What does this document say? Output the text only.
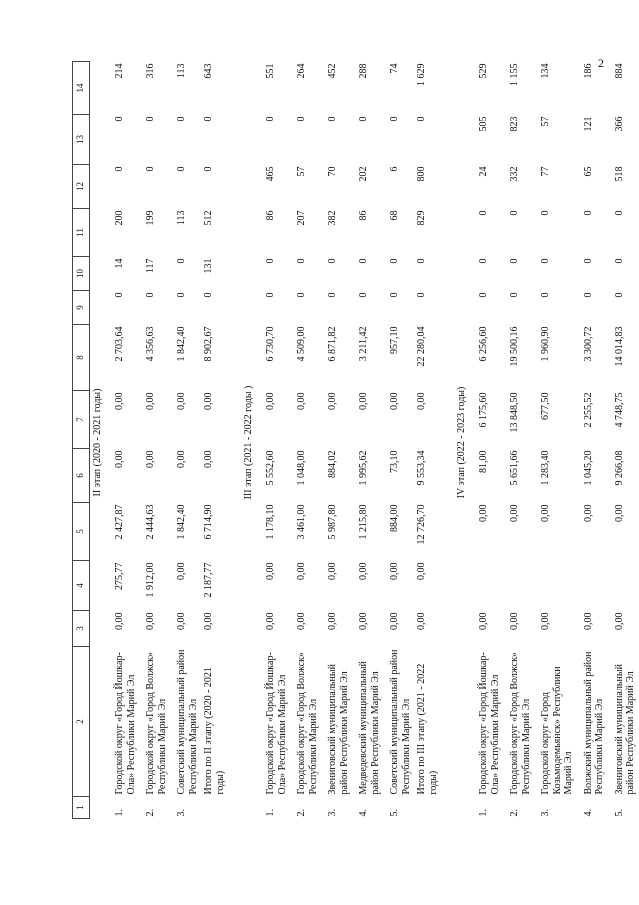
2
1	2	3	4	5	6	7	8	9	10	11	12	13	14
				II этап (2020 - 2021 годы)									
1.	Городской округ «Город Йошкар-Ола» Республики Марий Эл	0,00	275,77	2 427,87	0,00	0,00	2 703,64	0	14	200	0	0	214
2.	Городской округ «Город Волжск» Республики Марий Эл	0,00	1 912,00	2 444,63	0,00	0,00	4 356,63	0	117	199	0	0	316
3.	Советский муниципальный район Республики Марий Эл	0,00	0,00	1 842,40	0,00	0,00	1 842,40	0	0	113	0	0	113
	Итого по II этапу (2020 - 2021 годы)	0,00	2 187,77	6 714,90	0,00	0,00	8 902,67	0	131	512	0	0	643
				III этап (2021 - 2022 годы )									
1.	Городской округ «Город Йошкар-Ола» Республики Марий Эл	0,00	0,00	1 178,10	5 552,60	0,00	6 730,70	0	0	86	465	0	551
2.	Городской округ «Город Волжск» Республики Марий Эл	0,00	0,00	3 461,00	1 048,00	0,00	4 509,00	0	0	207	57	0	264
3.	Звениговский муниципальный район Республики Марий Эл	0,00	0,00	5 987,80	884,02	0,00	6 871,82	0	0	382	70	0	452
4.	Медведевский муниципальный район Республики Марий Эл	0,00	0,00	1 215,80	1 995,62	0,00	3 211,42	0	0	86	202	0	288
5.	Советский муниципальный район Республики Марий Эл	0,00	0,00	884,00	73,10	0,00	957,10	0	0	68	6	0	74
	Итого по III этапу (2021 - 2022 годы)	0,00	0,00	12 726,70	9 553,34	0,00	22 280,04	0	0	829	800	0	1 629
				IV этап (2022 - 2023 годы)									
1.	Городской округ «Город Йошкар-Ола» Республики Марий Эл	0,00		0,00	81,00	6 175,60	6 256,60	0	0	0	24	505	529
2.	Городской округ «Город Волжск» Республики Марий Эл	0,00		0,00	5 651,66	13 848,50	19 500,16	0	0	0	332	823	1 155
3.	Городской округ «Город Козьмодемьянск» Республики Марий Эл	0,00		0,00	1 283,40	677,50	1 960,90	0	0	0	77	57	134
4.	Волжский муниципальный район Республики Марий Эл	0,00		0,00	1 045,20	2 255,52	3 300,72	0	0	0	65	121	186
5.	Звениговский муниципальный район Республики Марий Эл	0,00		0,00	9 266,08	4 748,75	14 014,83	0	0	0	518	366	884
